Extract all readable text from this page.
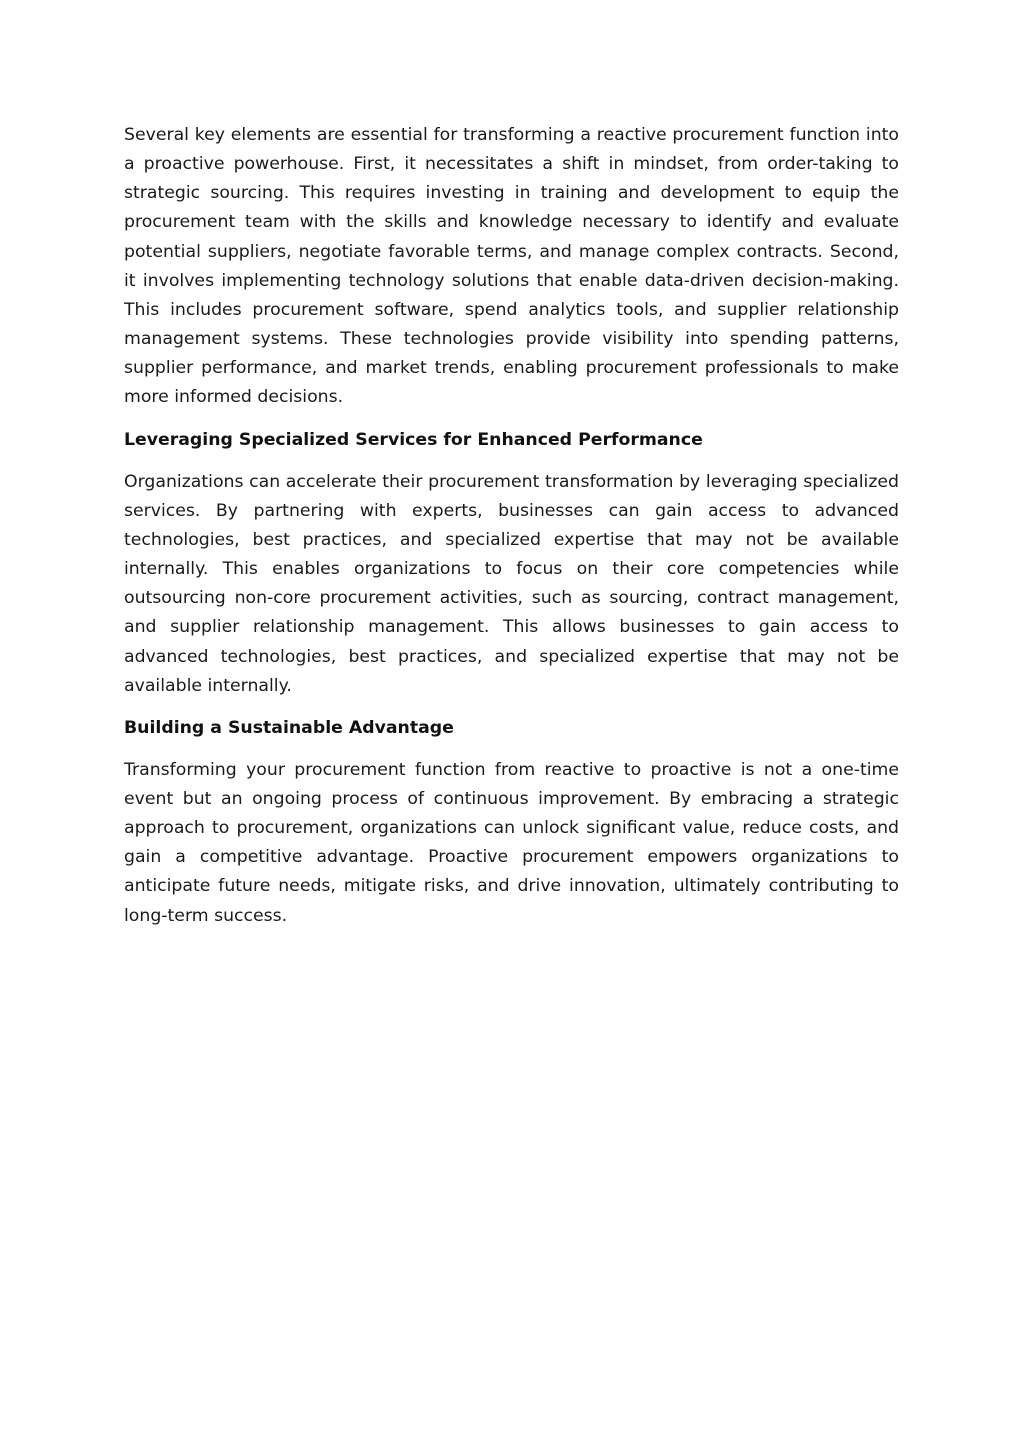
Several key elements are essential for transforming a reactive procurement function into a proactive powerhouse. First, it necessitates a shift in mindset, from order-taking to strategic sourcing. This requires investing in training and development to equip the procurement team with the skills and knowledge necessary to identify and evaluate potential suppliers, negotiate favorable terms, and manage complex contracts. Second, it involves implementing technology solutions that enable data-driven decision-making. This includes procurement software, spend analytics tools, and supplier relationship management systems. These technologies provide visibility into spending patterns, supplier performance, and market trends, enabling procurement professionals to make more informed decisions.

Leveraging Specialized Services for Enhanced Performance

Organizations can accelerate their procurement transformation by leveraging specialized services. By partnering with experts, businesses can gain access to advanced technologies, best practices, and specialized expertise that may not be available internally. This enables organizations to focus on their core competencies while outsourcing non-core procurement activities, such as sourcing, contract management, and supplier relationship management. This allows businesses to gain access to advanced technologies, best practices, and specialized expertise that may not be available internally.

Building a Sustainable Advantage

Transforming your procurement function from reactive to proactive is not a one-time event but an ongoing process of continuous improvement. By embracing a strategic approach to procurement, organizations can unlock significant value, reduce costs, and gain a competitive advantage. Proactive procurement empowers organizations to anticipate future needs, mitigate risks, and drive innovation, ultimately contributing to long-term success.
